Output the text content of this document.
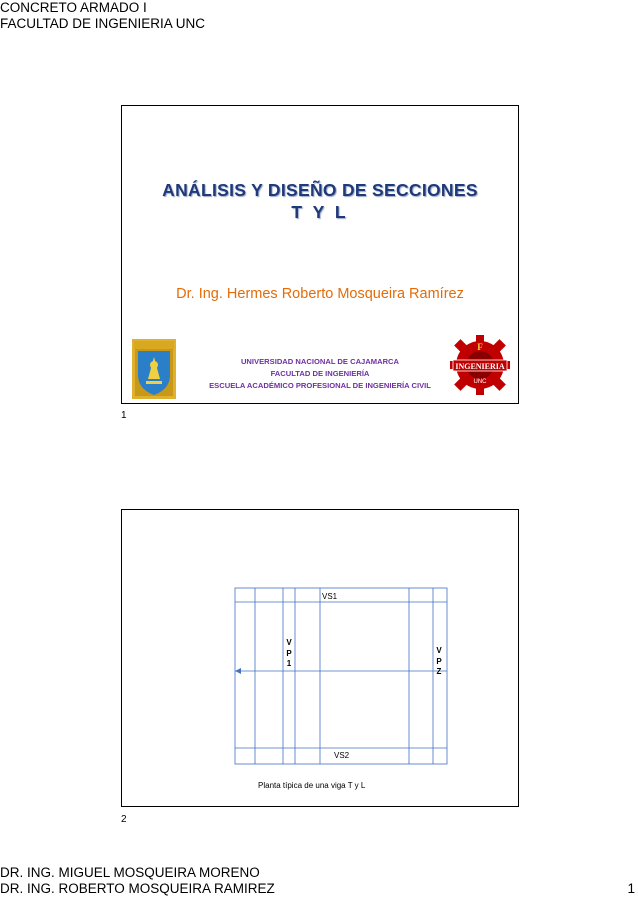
CONCRETO ARMADO I
FACULTAD DE INGENIERIA UNC
ANÁLISIS Y DISEÑO DE SECCIONES
T Y L
Dr. Ing. Hermes Roberto Mosqueira Ramírez
UNIVERSIDAD NACIONAL DE CAJAMARCA
FACULTAD DE INGENIERÍA
ESCUELA ACADÉMICO PROFESIONAL DE INGENIERÍA CIVIL
F
INGENIERIA
UNC
1
VS1
VS2
V
P
1
V
P
Z
Planta típica de una viga T y L
2
DR. ING. MIGUEL MOSQUEIRA MORENO
DR. ING. ROBERTO MOSQUEIRA RAMIREZ	1
